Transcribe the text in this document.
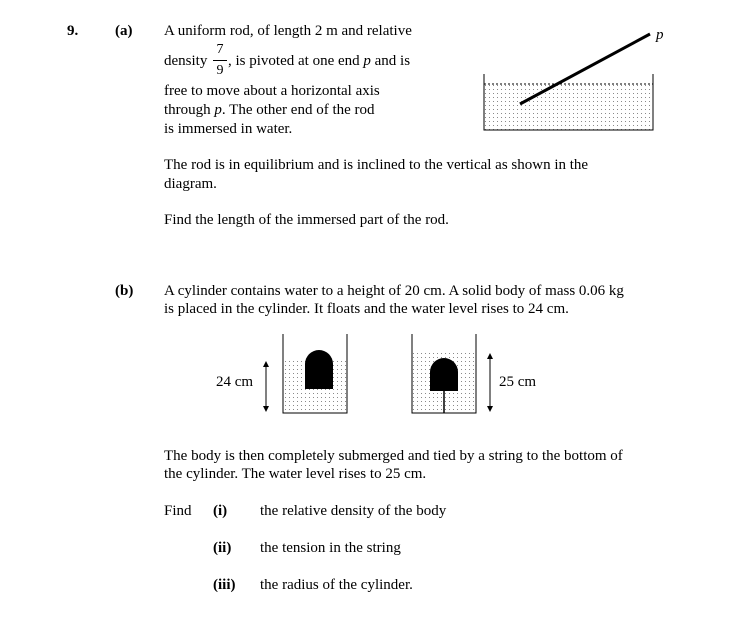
9. (a) A uniform rod, of length 2 m and relative
density
7
9
, is pivoted at one end p and is
free to move about a horizontal axis
through p. The other end of the rod
is immersed in water.
The rod is in equilibrium and is inclined to the vertical as shown in the
diagram.
Find the length of the immersed part of the rod.
p
(b) A cylinder contains water to a height of 20 cm. A solid body of mass 0.06 kg
is placed in the cylinder. It floats and the water level rises to 24 cm.
24 cm	25 cm
The body is then completely submerged and tied by a string to the bottom of
the cylinder. The water level rises to 25 cm.
Find (i) the relative density of the body
(ii) the tension in the string
(iii) the radius of the cylinder.
